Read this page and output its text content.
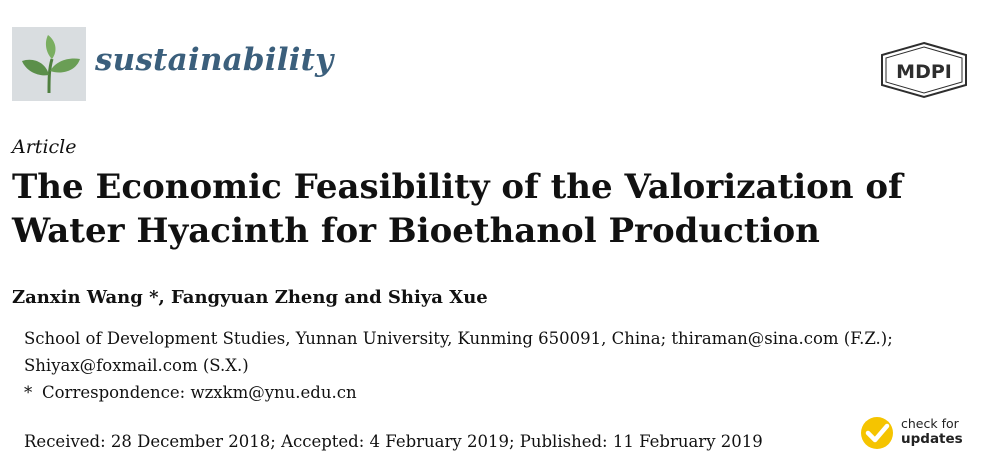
sustainability	MDPI
Article
The Economic Feasibility of the Valorization of Water Hyacinth for Bioethanol Production
Zanxin Wang *, Fangyuan Zheng and Shiya Xue
School of Development Studies, Yunnan University, Kunming 650091, China; thiraman@sina.com (F.Z.);
Shiyax@foxmail.com (S.X.)
* Correspondence: wzxkm@ynu.edu.cn
Received: 28 December 2018; Accepted: 4 February 2019; Published: 11 February 2019
check for
updates
